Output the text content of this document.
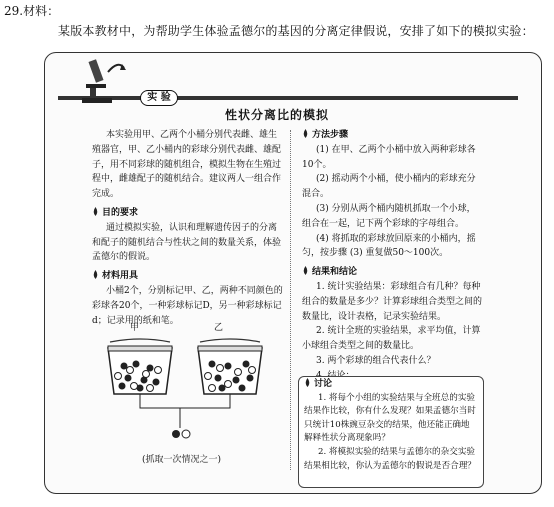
29.材料：
某版本教材中，为帮助学生体验孟德尔的基因的分离定律假说，安排了如下的模拟实验：
实 验
性状分离比的模拟

本实验用甲、乙两个小桶分别代表雌、雄生殖器官，甲、乙小桶内的彩球分别代表雌、雄配子，用不同彩球的随机组合，模拟生物在生殖过程中，雌雄配子的随机结合。建议两人一组合作完成。

目的要求

通过模拟实验，认识和理解遗传因子的分离和配子的随机结合与性状之间的数量关系，体验孟德尔的假说。

材料用具

小桶2个，分别标记甲、乙，两种不同颜色的彩球各20个，一种彩球标记D，另一种彩球标记d；记录用的纸和笔。

甲	乙
(抓取一次情况之一)

方法步骤

(1) 在甲、乙两个小桶中放入两种彩球各10个。

(2) 摇动两个小桶，使小桶内的彩球充分混合。

(3) 分别从两个桶内随机抓取一个小球，组合在一起，记下两个彩球的字母组合。

(4) 将抓取的彩球放回原来的小桶内，摇匀，按步骤 (3) 重复做50～100次。

结果和结论

1. 统计实验结果：彩球组合有几种？每种组合的数量是多少？计算彩球组合类型之间的数量比，设计表格，记录实验结果。

2. 统计全班的实验结果，求平均值，计算小球组合类型之间的数量比。

3. 两个彩球的组合代表什么？

讨论

1. 将每个小组的实验结果与全班总的实验结果作比较，你有什么发现？如果孟德尔当时只统计10株豌豆杂交的结果，他还能正确地解释性状分离现象吗？

2. 将模拟实验的结果与孟德尔的杂交实验结果相比较，你认为孟德尔的假说是否合理？
